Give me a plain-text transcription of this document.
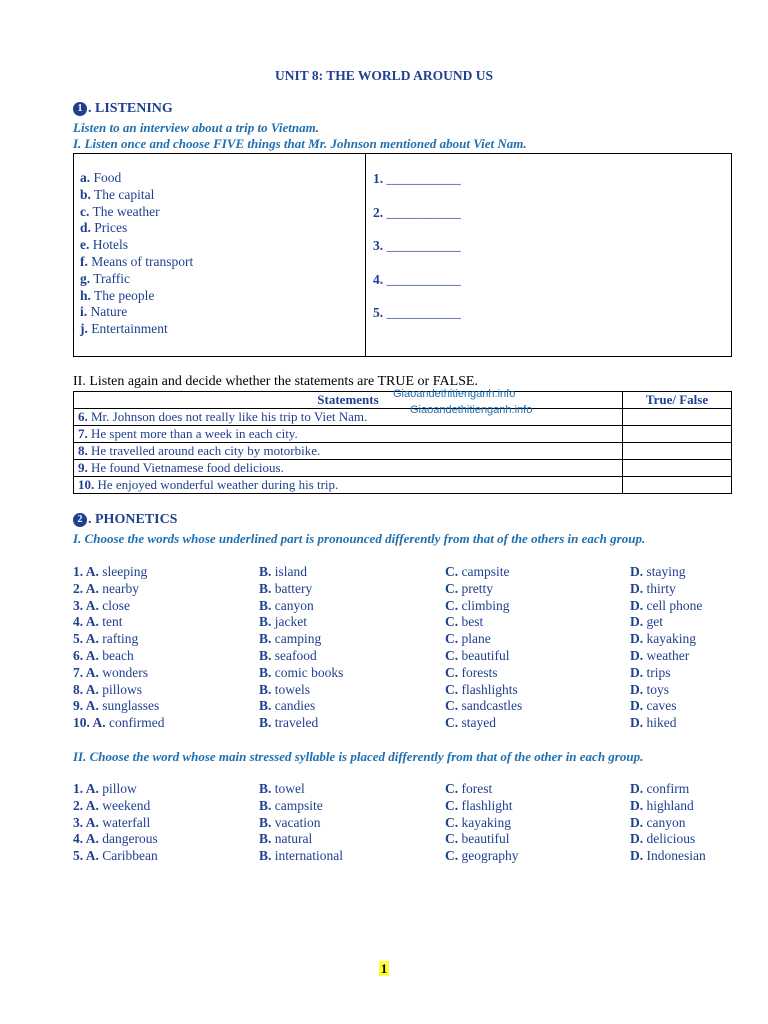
UNIT 8: THE WORLD AROUND US
1 . LISTENING
Listen to an interview about a trip to Vietnam.
I. Listen once and choose FIVE things that Mr. Johnson mentioned about Viet Nam.
a. Food
b. The capital
c. The weather
d. Prices
e. Hotels
f. Means of transport
g. Traffic
h. The people
i. Nature
j. Entertainment
1. ___________
2. ___________
3. ___________
4. ___________
5. ___________
II. Listen again and decide whether the statements are TRUE or FALSE.
Statements	True/ False
6. Mr. Johnson does not really like his trip to Viet Nam.	
7. He spent more than a week in each city.	
8. He travelled around each city by motorbike.	
9. He found Vietnamese food delicious.	
10. He enjoyed wonderful weather during his trip.	
Giaoandethitienganh.info
Giaoandethitienganh.info
2 . PHONETICS
I. Choose the words whose underlined part is pronounced differently from that of the others in each group.
1. A. sleeping	B. island	C. campsite	D. staying
2. A. nearby	B. battery	C. pretty	D. thirty
3. A. close	B. canyon	C. climbing	D. cell phone
4. A. tent	B. jacket	C. best	D. get
5. A. rafting	B. camping	C. plane	D. kayaking
6. A. beach	B. seafood	C. beautiful	D. weather
7. A. wonders	B. comic books	C. forests	D. trips
8. A. pillows	B. towels	C. flashlights	D. toys
9. A. sunglasses	B. candies	C. sandcastles	D. caves
10. A. confirmed	B. traveled	C. stayed	D. hiked
II. Choose the word whose main stressed syllable is placed differently from that of the other in each group.
1. A. pillow	B. towel	C. forest	D. confirm
2. A. weekend	B. campsite	C. flashlight	D. highland
3. A. waterfall	B. vacation	C. kayaking	D. canyon
4. A. dangerous	B. natural	C. beautiful	D. delicious
5. A. Caribbean	B. international	C. geography	D. Indonesian
1
